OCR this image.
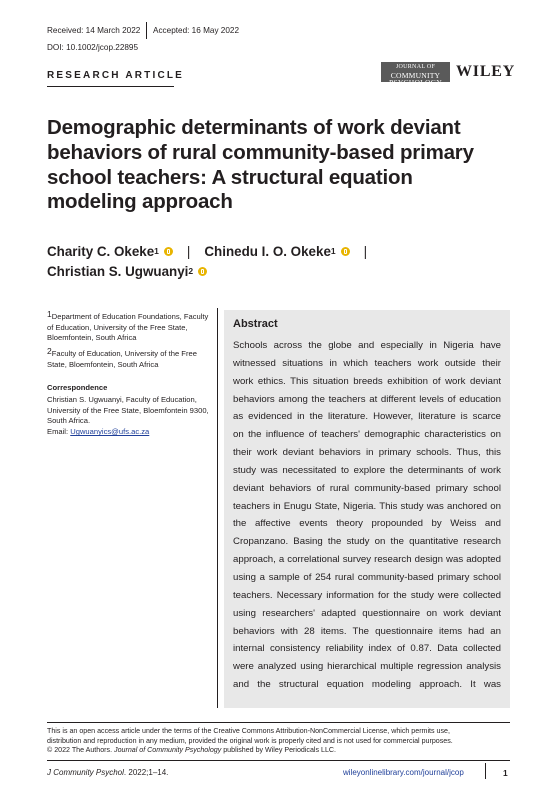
Received: 14 March 2022 Accepted: 16 May 2022
DOI: 10.1002/jcop.22895
RESEARCH ARTICLE
JOURNAL OF
COMMUNITY
PSYCHOLOGY
WILEY
Demographic determinants of work deviant behaviors of rural community-based primary school teachers: A structural equation modeling approach
Charity C. Okeke$^1$ | Chinedu I. O. Okeke$^1$ |
Christian S. Ugwuanyi$^2$
$^1$Department of Education Foundations, Faculty of Education, University of the Free State, Bloemfontein, South Africa
$^2$Faculty of Education, University of the Free State, Bloemfontein, South Africa
Correspondence
Christian S. Ugwuanyi, Faculty of Education, University of the Free State, Bloemfontein 9300, South Africa.
Email: Ugwuanyics@ufs.ac.za
Abstract
Schools across the globe and especially in Nigeria have
witnessed situations in which teachers work outside their
work ethics. This situation breeds exhibition of work deviant
behaviors among the teachers at different levels of education
as evidenced in the literature. However, literature is scarce
on the influence of teachers' demographic characteristics on
their work deviant behaviors in primary schools. Thus, this
study was necessitated to explore the determinants of work
deviant behaviors of rural community-based primary school
teachers in Enugu State, Nigeria. This study was anchored on
the affective events theory propounded by Weiss and
Cropanzano. Basing the study on the quantitative research
approach, a correlational survey research design was adopted
using a sample of 254 rural community-based primary school
teachers. Necessary information for the study were collected
using researchers' adapted questionnaire on work deviant
behaviors with 28 items. The questionnaire items had an
internal consistency reliability index of 0.87. Data collected
were analyzed using hierarchical multiple regression analysis
and the structural equation modeling approach. It was
This is an open access article under the terms of the Creative Commons Attribution-NonCommercial License, which permits use,
distribution and reproduction in any medium, provided the original work is properly cited and is not used for commercial purposes.
© 2022 The Authors. Journal of Community Psychology published by Wiley Periodicals LLC.
J Community Psychol. 2022;1–14.	wileyonlinelibrary.com/journal/jcop	1
